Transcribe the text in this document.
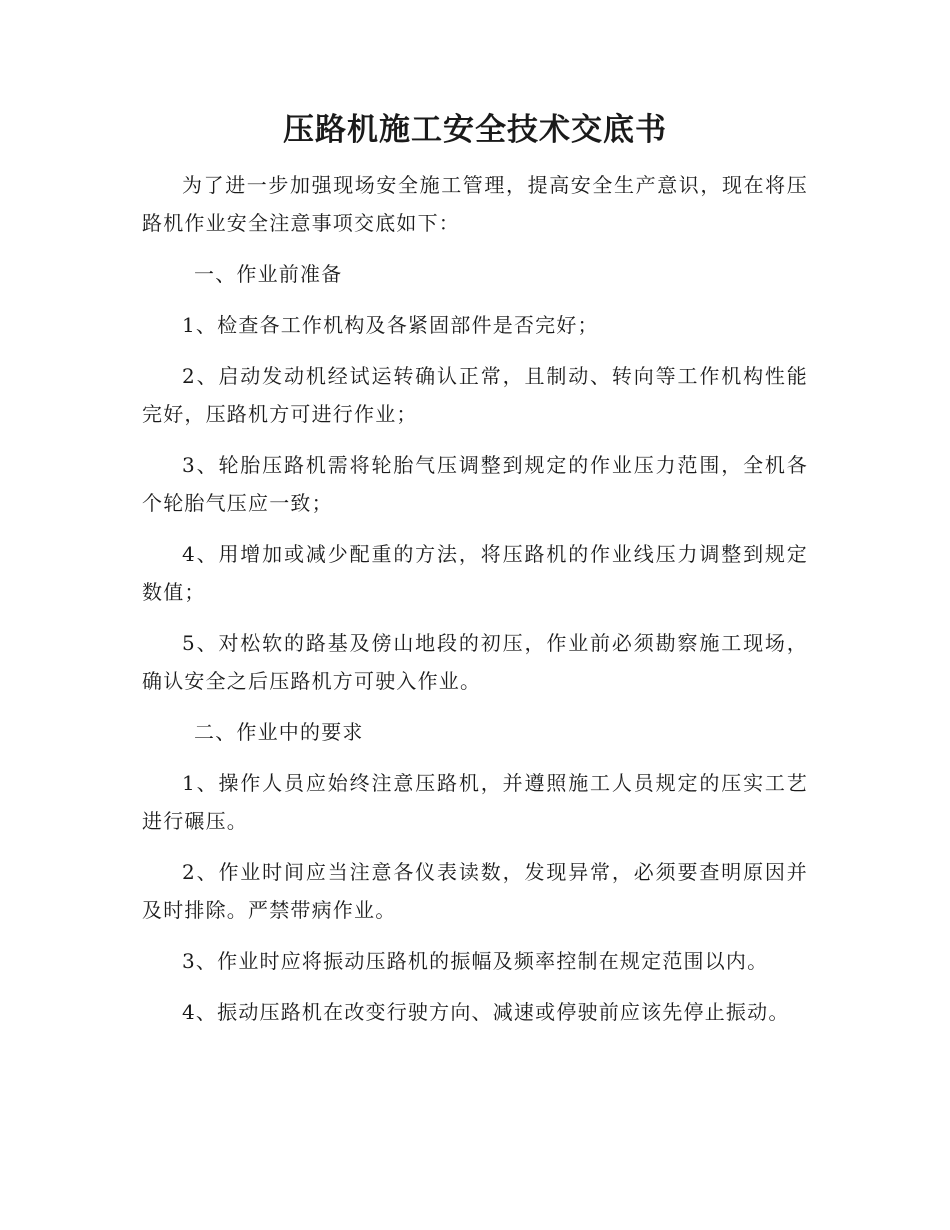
压路机施工安全技术交底书

为了进一步加强现场安全施工管理，提高安全生产意识，现在将压路机作业安全注意事项交底如下：

一、作业前准备

1、检查各工作机构及各紧固部件是否完好；

2、启动发动机经试运转确认正常，且制动、转向等工作机构性能完好，压路机方可进行作业；

3、轮胎压路机需将轮胎气压调整到规定的作业压力范围，全机各个轮胎气压应一致；

4、用增加或减少配重的方法，将压路机的作业线压力调整到规定数值；

5、对松软的路基及傍山地段的初压，作业前必须勘察施工现场，确认安全之后压路机方可驶入作业。

二、作业中的要求

1、操作人员应始终注意压路机，并遵照施工人员规定的压实工艺进行碾压。

2、作业时间应当注意各仪表读数，发现异常，必须要查明原因并及时排除。严禁带病作业。

3、作业时应将振动压路机的振幅及频率控制在规定范围以内。

4、振动压路机在改变行驶方向、减速或停驶前应该先停止振动。
